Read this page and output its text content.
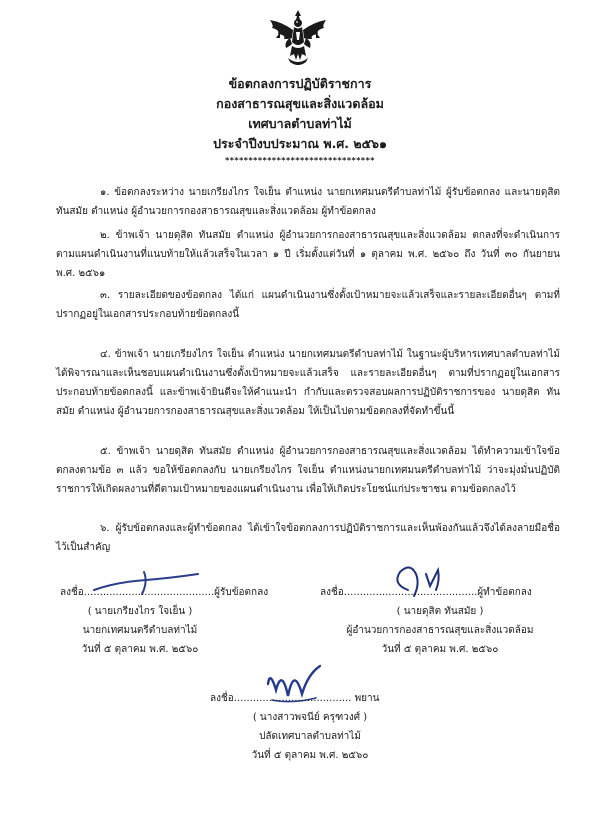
ข้อตกลงการปฏิบัติราชการ
กองสาธารณสุขและสิ่งแวดล้อม
เทศบาลตำบลท่าไม้
ประจำปีงบประมาณ พ.ศ. ๒๕๖๑
********************************
๑. ข้อตกลงระหว่าง นายเกรียงไกร ใจเย็น ตำแหน่ง นายกเทศมนตรีตำบลท่าไม้ ผู้รับข้อตกลง และนายดุสิต ทันสมัย ตำแหน่ง ผู้อำนวยการกองสาธารณสุขและสิ่งแวดล้อม ผู้ทำข้อตกลง
๒. ข้าพเจ้า นายดุสิต ทันสมัย ตำแหน่ง ผู้อำนวยการกองสาธารณสุขและสิ่งแวดล้อม ตกลงที่จะดำเนินการตามแผนดำเนินงานที่แนบท้ายให้แล้วเสร็จในเวลา ๑ ปี เริ่มตั้งแต่วันที่ ๑ ตุลาคม พ.ศ. ๒๕๖๐ ถึง วันที่ ๓๐ กันยายน พ.ศ. ๒๕๖๑
๓. รายละเอียดของข้อตกลง ได้แก่ แผนดำเนินงานซึ่งตั้งเป้าหมายจะแล้วเสร็จและรายละเอียดอื่นๆ ตามที่ปรากฏอยู่ในเอกสารประกอบท้ายข้อตกลงนี้
๔. ข้าพเจ้า นายเกรียงไกร ใจเย็น ตำแหน่ง นายกเทศมนตรีตำบลท่าไม้ ในฐานะผู้บริหารเทศบาลตำบลท่าไม้ ได้พิจารณาและเห็นชอบแผนดำเนินงานซึ่งตั้งเป้าหมายจะแล้วเสร็จ และรายละเอียดอื่นๆ ตามที่ปรากฏอยู่ในเอกสารประกอบท้ายข้อตกลงนี้ และข้าพเจ้ายินดีจะให้คำแนะนำ กำกับและตรวจสอบผลการปฏิบัติราชการของ นายดุสิต ทันสมัย ตำแหน่ง ผู้อำนวยการกองสาธารณสุขและสิ่งแวดล้อม ให้เป็นไปตามข้อตกลงที่จัดทำขึ้นนี้
๕. ข้าพเจ้า นายดุสิต ทันสมัย ตำแหน่ง ผู้อำนวยการกองสาธารณสุขและสิ่งแวดล้อม ได้ทำความเข้าใจข้อตกลงตามข้อ ๓ แล้ว ขอให้ข้อตกลงกับ นายเกรียงไกร ใจเย็น ตำแหน่งนายกเทศมนตรีตำบลท่าไม้ ว่าจะมุ่งมั่นปฏิบัติราชการให้เกิดผลงานที่ดีตามเป้าหมายของแผนดำเนินงาน เพื่อให้เกิดประโยชน์แก่ประชาชน ตามข้อตกลงไว้
๖. ผู้รับข้อตกลงและผู้ทำข้อตกลง ได้เข้าใจข้อตกลงการปฏิบัติราชการและเห็นพ้องกันแล้วจึงได้ลงลายมือชื่อไว้เป็นสำคัญ
ลงชื่อ.........................................ผู้รับข้อตกลง
( นายเกรียงไกร ใจเย็น )
นายกเทศมนตรีตำบลท่าไม้
วันที่ ๕ ตุลาคม พ.ศ. ๒๕๖๐
ลงชื่อ..........................................ผู้ทำข้อตกลง
( นายดุสิต ทันสมัย )
ผู้อำนวยการกองสาธารณสุขและสิ่งแวดล้อม
วันที่ ๕ ตุลาคม พ.ศ. ๒๕๖๐
ลงชื่อ..................................... พยาน
( นางสาวพจนีย์ ครุฑวงศ์ )
ปลัดเทศบาลตำบลท่าไม้
วันที่ ๕ ตุลาคม พ.ศ. ๒๕๖๐
